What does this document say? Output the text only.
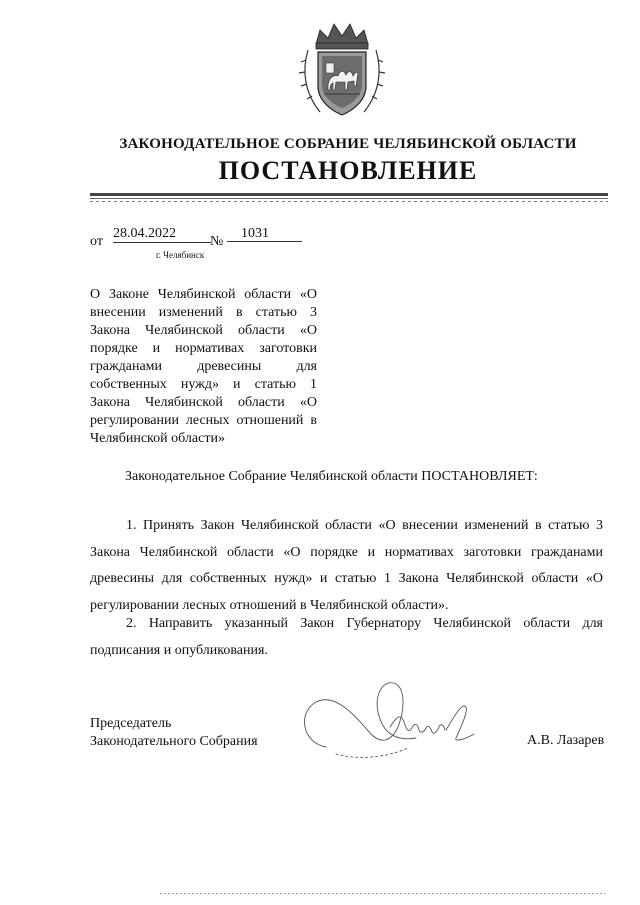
ЗАКОНОДАТЕЛЬНОЕ СОБРАНИЕ ЧЕЛЯБИНСКОЙ ОБЛАСТИ
ПОСТАНОВЛЕНИЕ
от
28.04.2022
№
1031
г. Челябинск
О Законе Челябинской области «О внесении изменений в статью 3 Закона Челябинской области «О порядке и нормативах заготовки гражданами древесины для собственных нужд» и статью 1 Закона Челябинской области «О регулировании лесных отношений в Челябинской области»
Законодательное Собрание Челябинской области ПОСТАНОВЛЯЕТ:
1. Принять Закон Челябинской области «О внесении изменений в статью 3 Закона Челябинской области «О порядке и нормативах заготовки гражданами древесины для собственных нужд» и статью 1 Закона Челябинской области «О регулировании лесных отношений в Челябинской области».
2. Направить указанный Закон Губернатору Челябинской области для подписания и опубликования.
Председатель
Законодательного Собрания	А.В. Лазарев
